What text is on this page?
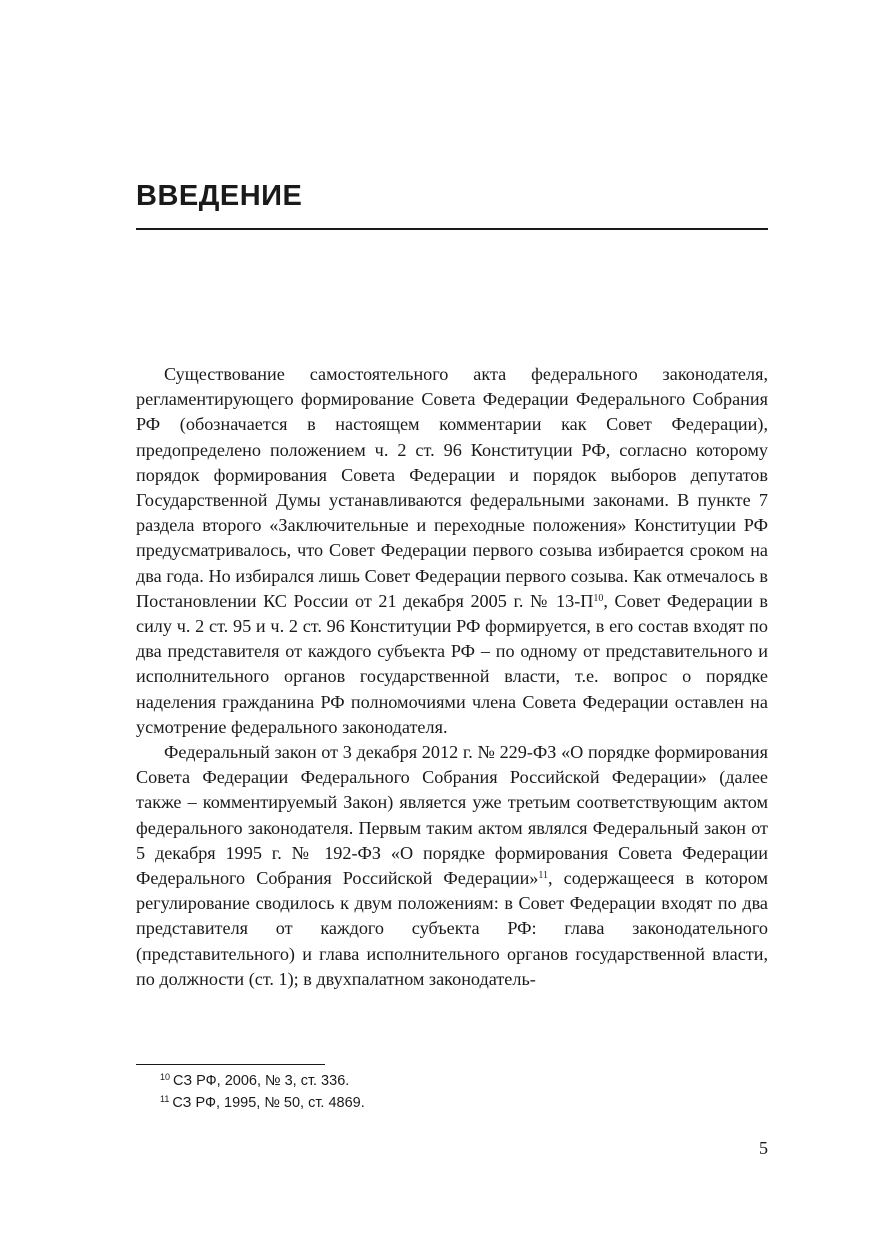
ВВЕДЕНИЕ

Существование самостоятельного акта федерального законодателя, регламентирующего формирование Совета Федерации Федерального Собрания РФ (обозначается в настоящем комментарии как Совет Федерации), предопределено положением ч. 2 ст. 96 Конституции РФ, согласно которому порядок формирования Совета Федерации и порядок выборов депутатов Государственной Думы устанавливаются федеральными законами. В пункте 7 раздела второго «Заключительные и переходные положения» Конституции РФ предусматривалось, что Совет Федерации первого созыва избирается сроком на два года. Но избирался лишь Совет Федерации первого созыва. Как отмечалось в Постановлении КС России от 21 декабря 2005 г. № $13-П^{10}$, Совет Федерации в силу ч. 2 ст. 95 и ч. 2 ст. 96 Конституции РФ формируется, в его состав входят по два представителя от каждого субъекта РФ – по одному от представительного и исполнительного органов государственной власти, т.е. вопрос о порядке наделения гражданина РФ полномочиями члена Совета Федерации оставлен на усмотрение федерального законодателя.

Федеральный закон от 3 декабря 2012 г. № 229-ФЗ «О порядке формирования Совета Федерации Федерального Собрания Российской Федерации» (далее также – комментируемый Закон) является уже третьим соответствующим актом федерального законодателя. Первым таким актом являлся Федеральный закон от 5 декабря 1995 г. № 192-ФЗ «О порядке формирования Совета Федерации Федерального Собрания Российской Федерации»$^{11}$, содержащееся в котором регулирование сводилось к двум положениям: в Совет Федерации входят по два представителя от каждого субъекта РФ: глава законодательного (представительного) и глава исполнительного органов государственной власти, по должности (ст. 1); в двухпалатном законодатель-

$^{10}$ СЗ РФ, 2006, № 3, ст. 336.

$^{11}$ СЗ РФ, 1995, № 50, ст. 4869.

5
